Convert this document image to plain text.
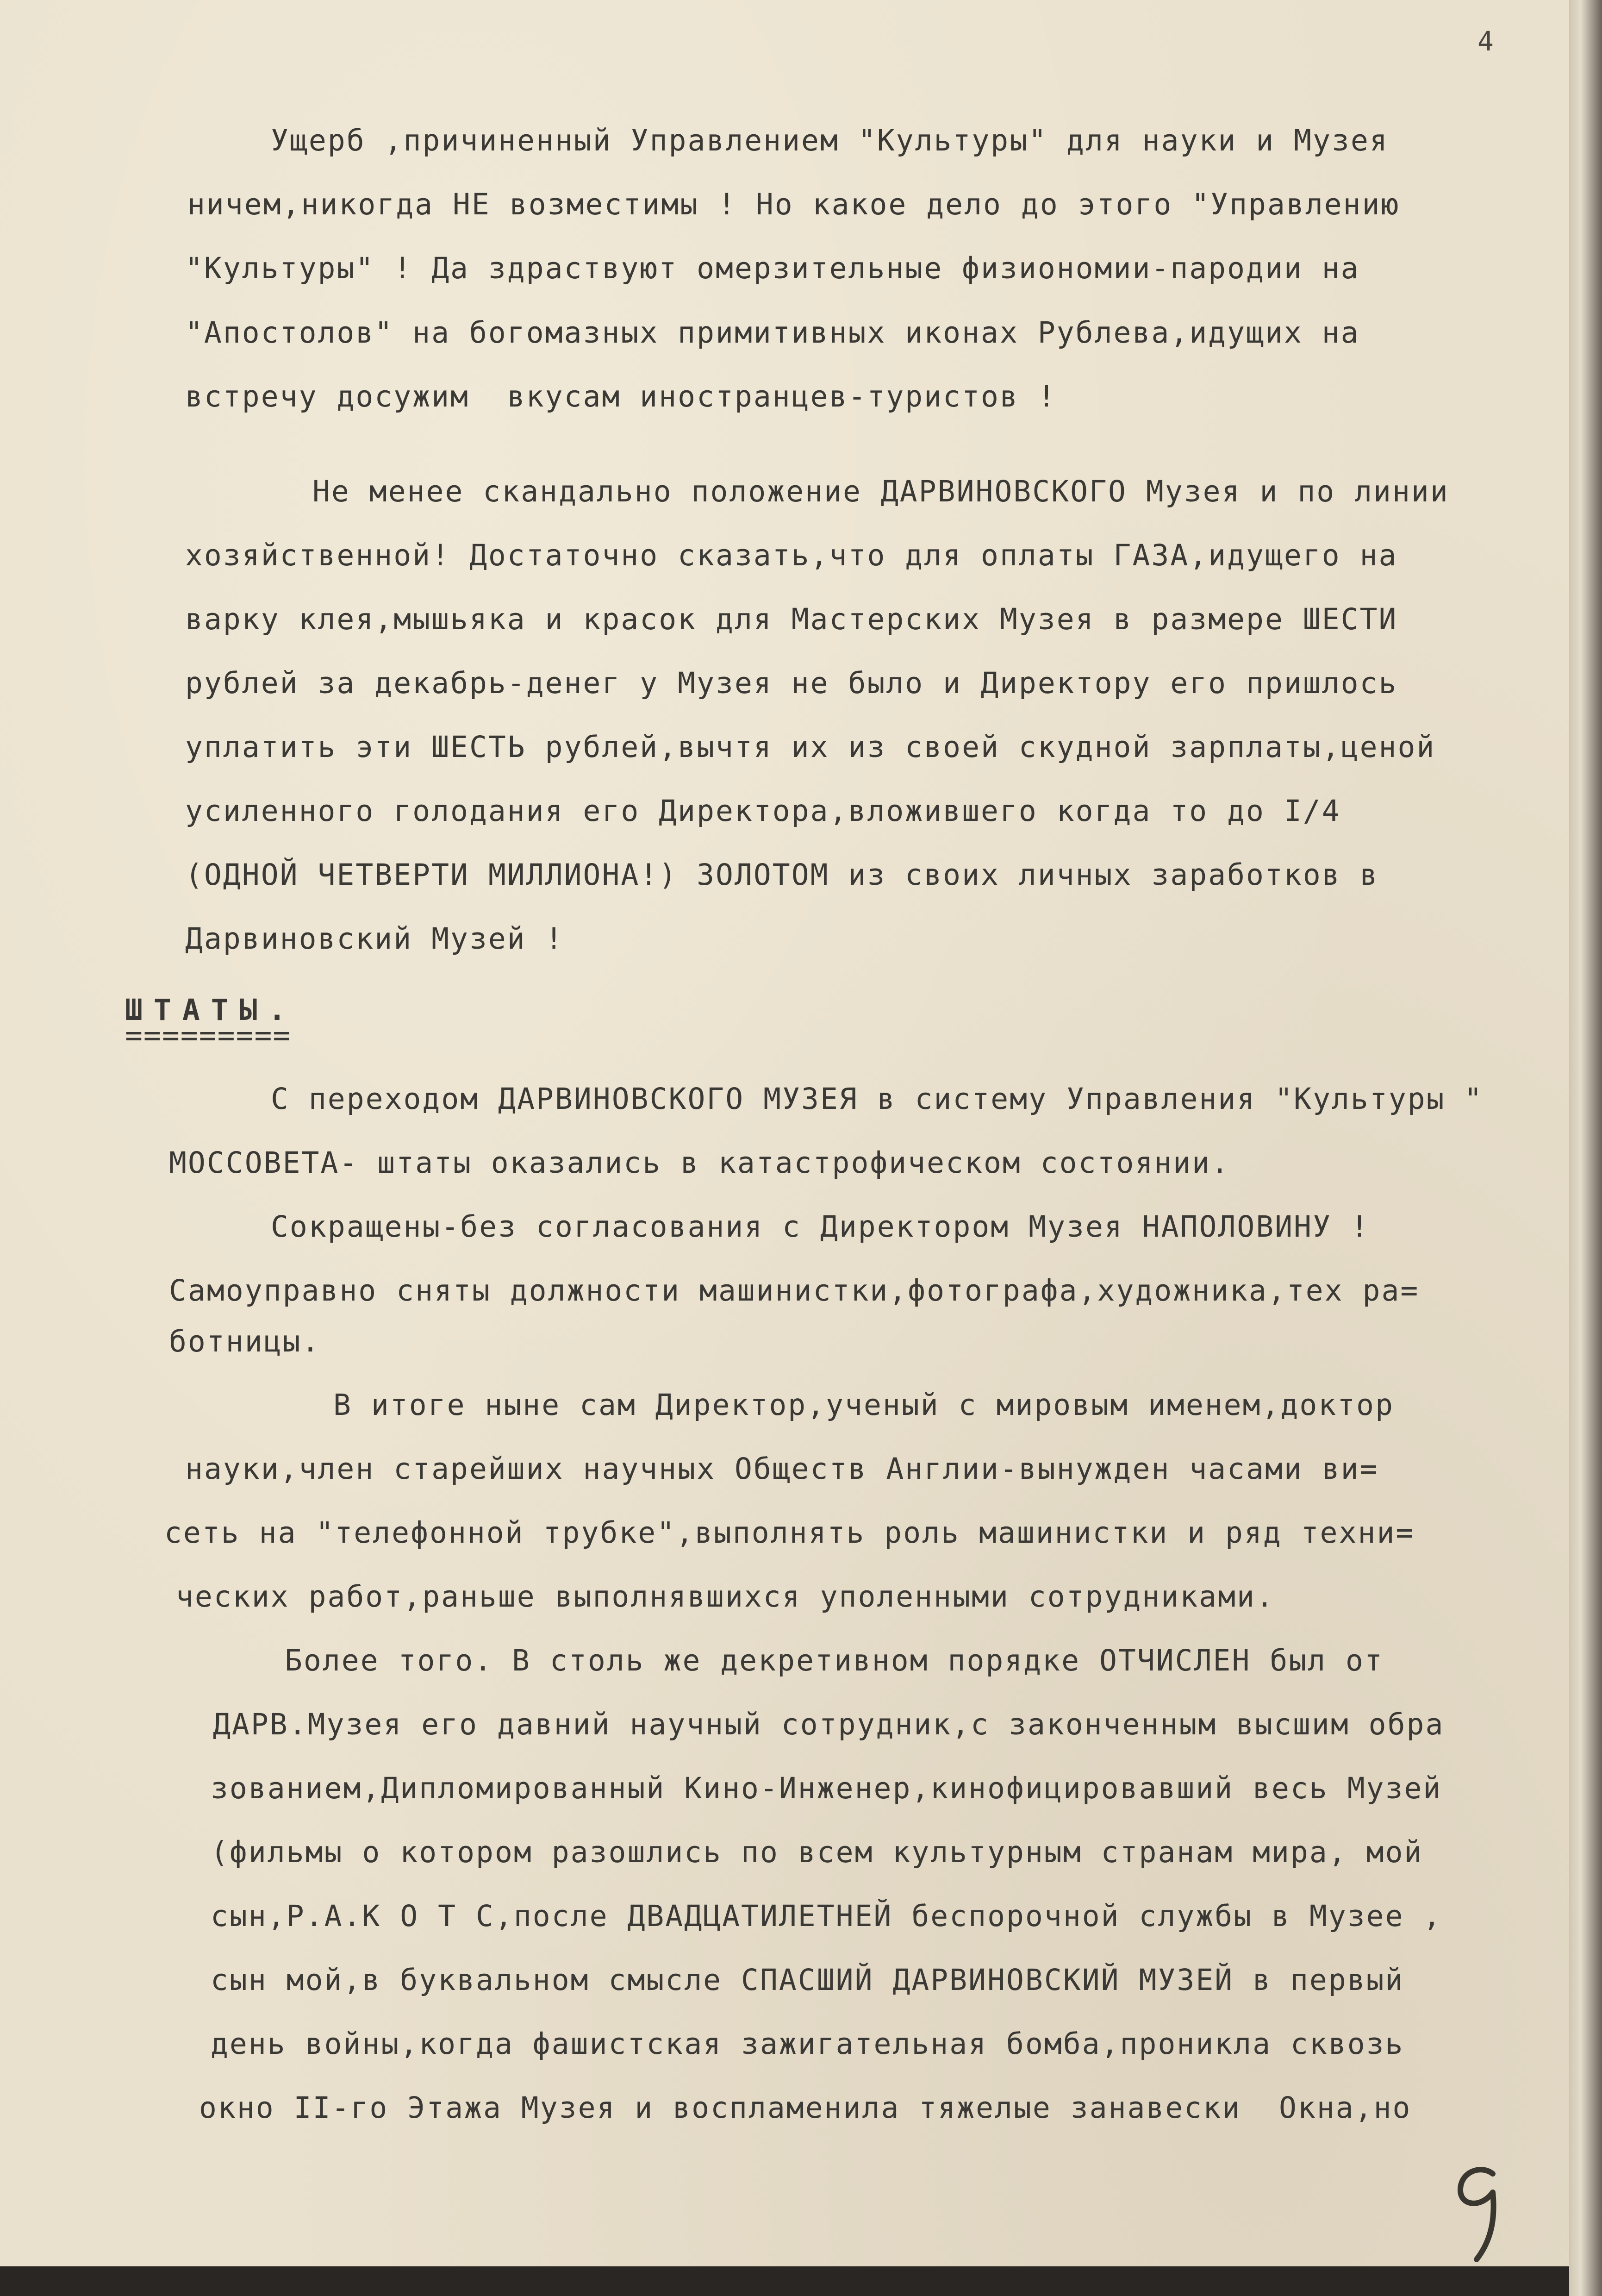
4

Ущерб ,причиненный Управлением "Культуры" для науки и Музея

ничем,никогда НЕ возместимы ! Но какое дело до этого "Управлению

"Культуры" ! Да здраствуют омерзительные физиономии-пародии на

"Апостолов" на богомазных примитивных иконах Рублева,идущих на

встречу досужим  вкусам иностранцев-туристов !

Не менее скандально положение ДАРВИНОВСКОГО Музея и по линии

хозяйственной! Достаточно сказать,что для оплаты ГАЗА,идущего на

варку клея,мышьяка и красок для Мастерских Музея в размере ШЕСТИ

рублей за декабрь-денег у Музея не было и Директору его пришлось

уплатить эти ШЕСТЬ рублей,вычтя их из своей скудной зарплаты,ценой

усиленного голодания его Директора,вложившего когда то до I/4

(ОДНОЙ ЧЕТВЕРТИ МИЛЛИОНА!) ЗОЛОТОМ из своих личных заработков в

Дарвиновский Музей !

ШТАТЫ.

=========

С переходом ДАРВИНОВСКОГО МУЗЕЯ в систему Управления "Культуры "

МОССОВЕТА- штаты оказались в катастрофическом состоянии.

Сокращены-без согласования с Директором Музея НАПОЛОВИНУ !

Самоуправно сняты должности машинистки,фотографа,художника,тех ра=

ботницы.

В итоге ныне сам Директор,ученый с мировым именем,доктор

науки,член старейших научных Обществ Англии-вынужден часами ви=

сеть на "телефонной трубке",выполнять роль машинистки и ряд техни=

ческих работ,раньше выполнявшихся уполенными сотрудниками.

Более того. В столь же декретивном порядке ОТЧИСЛЕН был от

ДАРВ.Музея его давний научный сотрудник,с законченным высшим обра

зованием,Дипломированный Кино-Инженер,кинофицировавший весь Музей

(фильмы о котором разошлись по всем культурным странам мира, мой

сын,Р.А.К О Т С,после ДВАДЦАТИЛЕТНЕЙ беспорочной службы в Музее ,

сын мой,в буквальном смысле СПАСШИЙ ДАРВИНОВСКИЙ МУЗЕЙ в первый

день войны,когда фашистская зажигательная бомба,проникла сквозь

окно II-го Этажа Музея и воспламенила тяжелые занавески  Окна,но
